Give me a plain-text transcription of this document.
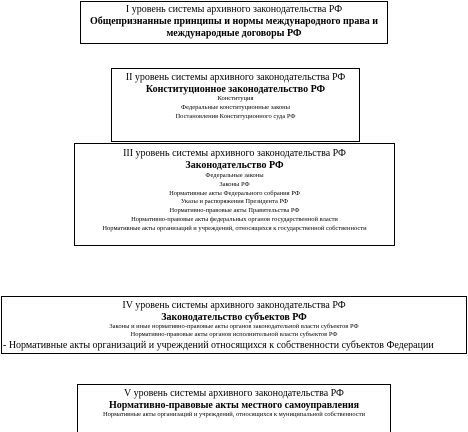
I уровень системы архивного законодательства РФ
Общепризнанные принципы и нормы международного права и международные договоры РФ
II уровень системы архивного законодательства РФ
Конституционное законодательство РФ
Конституция
Федеральные конституционные законы
Постановления Конституционного суда РФ
III уровень системы архивного законодательства РФ
Законодательство РФ
Федеральные законы
Законы РФ
Нормативные акты Федерального собрания РФ
Указы и распоряжения Президента РФ
Нормативно-правовые акты Правительства РФ
Нормативно-правовые акты федеральных органов государственной власти
Нормативные акты организаций и учреждений, относящихся к государственной собственности
IV уровень системы архивного законодательства РФ
Законодательство субъектов РФ
Законы и иные нормативно-правовые акты органов законодательной власти субъектов РФ
Нормативно-правовые акты органов исполнительной власти субъектов РФ
- Нормативные акты организаций и учреждений относящихся к собственности субъектов Федерации
V уровень системы архивного законодательства РФ
Нормативно-правовые акты местного самоуправления
Нормативные акты организаций и учреждений, относящихся к муниципальной собственности
